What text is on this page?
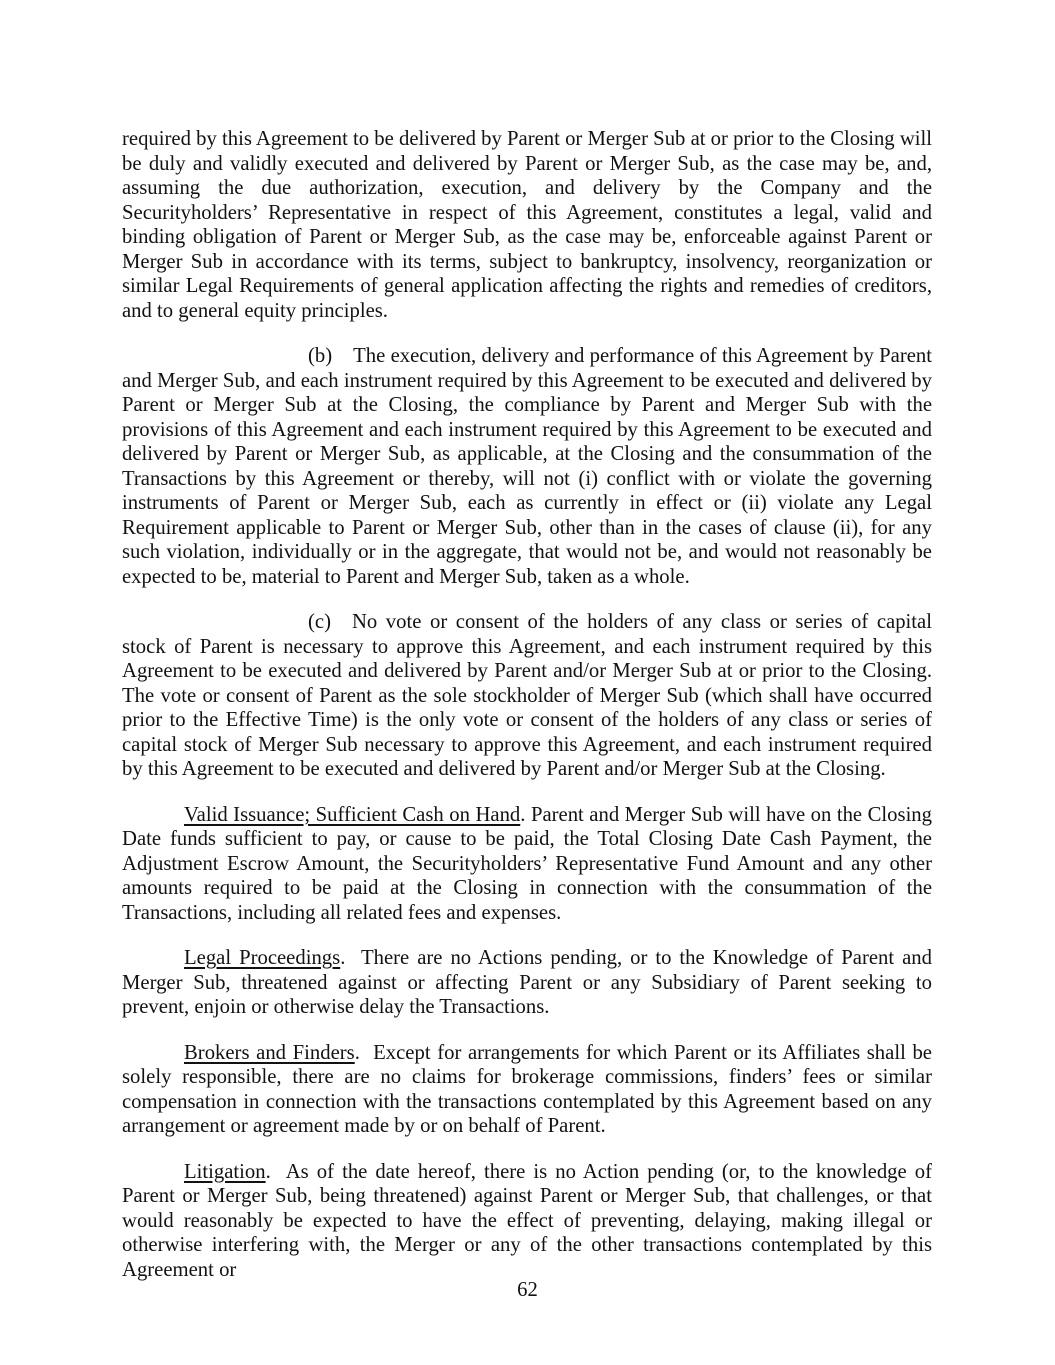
required by this Agreement to be delivered by Parent or Merger Sub at or prior to the Closing will be duly and validly executed and delivered by Parent or Merger Sub, as the case may be, and, assuming the due authorization, execution, and delivery by the Company and the Securityholders’ Representative in respect of this Agreement, constitutes a legal, valid and binding obligation of Parent or Merger Sub, as the case may be, enforceable against Parent or Merger Sub in accordance with its terms, subject to bankruptcy, insolvency, reorganization or similar Legal Requirements of general application affecting the rights and remedies of creditors, and to general equity principles.

(b) The execution, delivery and performance of this Agreement by Parent and Merger Sub, and each instrument required by this Agreement to be executed and delivered by Parent or Merger Sub at the Closing, the compliance by Parent and Merger Sub with the provisions of this Agreement and each instrument required by this Agreement to be executed and delivered by Parent or Merger Sub, as applicable, at the Closing and the consummation of the Transactions by this Agreement or thereby, will not (i) conflict with or violate the governing instruments of Parent or Merger Sub, each as currently in effect or (ii) violate any Legal Requirement applicable to Parent or Merger Sub, other than in the cases of clause (ii), for any such violation, individually or in the aggregate, that would not be, and would not reasonably be expected to be, material to Parent and Merger Sub, taken as a whole.

(c) No vote or consent of the holders of any class or series of capital stock of Parent is necessary to approve this Agreement, and each instrument required by this Agreement to be executed and delivered by Parent and/or Merger Sub at or prior to the Closing. The vote or consent of Parent as the sole stockholder of Merger Sub (which shall have occurred prior to the Effective Time) is the only vote or consent of the holders of any class or series of capital stock of Merger Sub necessary to approve this Agreement, and each instrument required by this Agreement to be executed and delivered by Parent and/or Merger Sub at the Closing.

Valid Issuance; Sufficient Cash on Hand. Parent and Merger Sub will have on the Closing Date funds sufficient to pay, or cause to be paid, the Total Closing Date Cash Payment, the Adjustment Escrow Amount, the Securityholders’ Representative Fund Amount and any other amounts required to be paid at the Closing in connection with the consummation of the Transactions, including all related fees and expenses.

Legal Proceedings.  There are no Actions pending, or to the Knowledge of Parent and Merger Sub, threatened against or affecting Parent or any Subsidiary of Parent seeking to prevent, enjoin or otherwise delay the Transactions.

Brokers and Finders.  Except for arrangements for which Parent or its Affiliates shall be solely responsible, there are no claims for brokerage commissions, finders’ fees or similar compensation in connection with the transactions contemplated by this Agreement based on any arrangement or agreement made by or on behalf of Parent.

Litigation.  As of the date hereof, there is no Action pending (or, to the knowledge of Parent or Merger Sub, being threatened) against Parent or Merger Sub, that challenges, or that would reasonably be expected to have the effect of preventing, delaying, making illegal or otherwise interfering with, the Merger or any of the other transactions contemplated by this Agreement or

62
